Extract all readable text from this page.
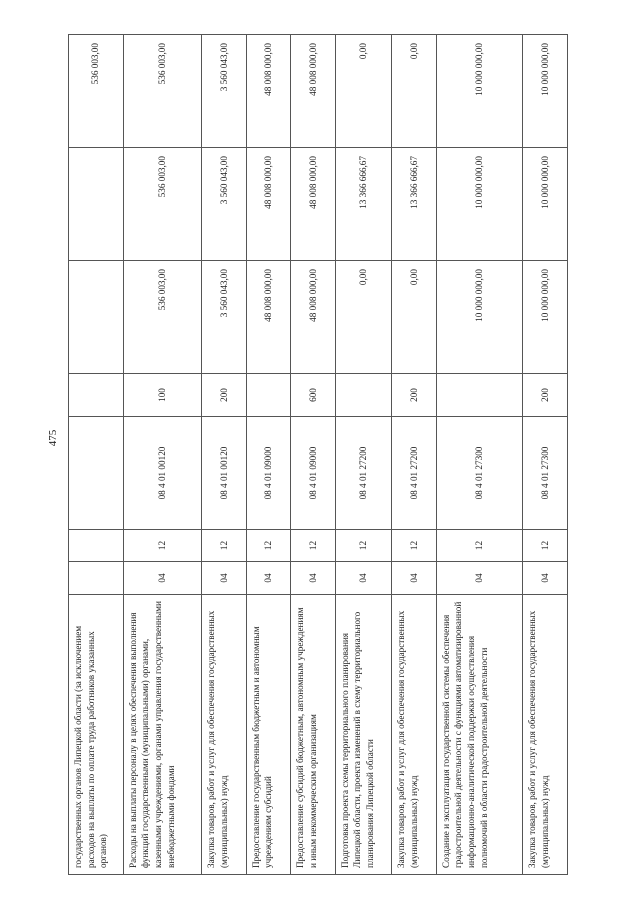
475
государственных органов Липецкой области (за исключением расходов на выплаты по оплате труда работников указанных органов)							536 003,00
Расходы на выплаты персоналу в целях обеспечения выполнения функций государственными (муниципальными) органами, казенными учреждениями, органами управления государственными внебюджетными фондами	04	12	08 4 01 00120	100	536 003,00	536 003,00	536 003,00
Закупка товаров, работ и услуг для обеспечения государственных (муниципальных) нужд	04	12	08 4 01 00120	200	3 560 043,00	3 560 043,00	3 560 043,00
Предоставление государственным бюджетным и автономным учреждениям субсидий	04	12	08 4 01 09000		48 008 000,00	48 008 000,00	48 008 000,00
Предоставление субсидий бюджетным, автономным учреждениям и иным некоммерческим организациям	04	12	08 4 01 09000	600	48 008 000,00	48 008 000,00	48 008 000,00
Подготовка проекта схемы территориального планирования Липецкой области, проекта изменений в схему территориального планирования Липецкой области	04	12	08 4 01 27200		0,00	13 366 666,67	0,00
Закупка товаров, работ и услуг для обеспечения государственных (муниципальных) нужд	04	12	08 4 01 27200	200	0,00	13 366 666,67	0,00
Создание и эксплуатация государственной системы обеспечения градостроительной деятельности с функциями автоматизированной информационно-аналитической поддержки осуществления полномочий в области градостроительной деятельности	04	12	08 4 01 27300		10 000 000,00	10 000 000,00	10 000 000,00
Закупка товаров, работ и услуг для обеспечения государственных (муниципальных) нужд	04	12	08 4 01 27300	200	10 000 000,00	10 000 000,00	10 000 000,00
